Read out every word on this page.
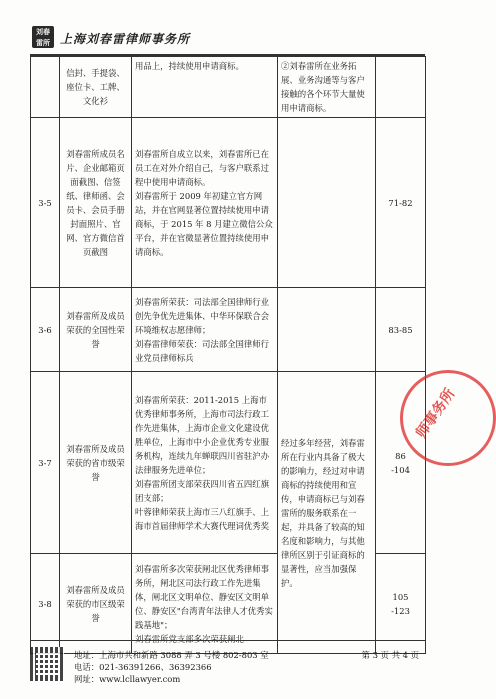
刘春
雷所 上海刘春雷律师事务所
	信封、手提袋、
座位卡、工牌、
文化衫	用品上，持续使用申请商标。	②刘春雷所在业务拓展、业务沟通等与客户接触的各个环节大量使用申请商标。	
3-5	刘春雷所成员名片、企业邮箱页面截图、信签纸、律师函、会员卡、会员手册封面照片、官网、官方微信首页截图	刘春雷所自成立以来，刘春雷所已在员工在对外介绍自己，与客户联系过程中使用申请商标。
刘春雷所于 2009 年初建立官方网站，并在官网显著位置持续使用申请商标，于 2015 年 8 月建立微信公众平台，并在官微显著位置持续使用申请商标。		71-82
3-6	刘春雷所及成员荣获的全国性荣誉	刘春雷所荣获：司法部全国律师行业创先争优先进集体、中华环保联合会环境维权志愿律师；
刘春雷律师荣获：司法部全国律师行业党员律师标兵		83-85
3-7	刘春雷所及成员荣获的省市级荣誉	刘春雷所荣获：2011-2015 上海市优秀律师事务所，上海市司法行政工作先进集体，上海市企业文化建设优胜单位，上海市中小企业优秀专业服务机构，连续九年蝉联四川省驻沪办法律服务先进单位；
刘春雷所团支部荣获四川省五四红旗团支部；
叶蓉律师荣获上海市三八红旗手、上海市首届律师学术大赛代理词优秀奖	经过多年经营，刘春雷所在行业内具备了极大的影响力，经过对申请商标的持续使用和宣传，申请商标已与刘春雷所的服务联系在一起，并具备了较高的知名度和影响力，与其他律所区别于引证商标的显著性，应当加强保护。	86
-104
3-8	刘春雷所及成员荣获的市区级荣誉	刘春雷所多次荣获闸北区优秀律师事务所，闸北区司法行政工作先进集体，闸北区文明单位、静安区文明单位、静安区"台湾青年法律人才优秀实践基地"；
刘春雷所党支部多次荣获闸北		105
-123
师事务所
地址：上海市共和新路 3088 弄 3 号楼 802-803 室
电话：021-36391266、36392366
网址：www.lcllawyer.com
第 3 页 共 4 页
